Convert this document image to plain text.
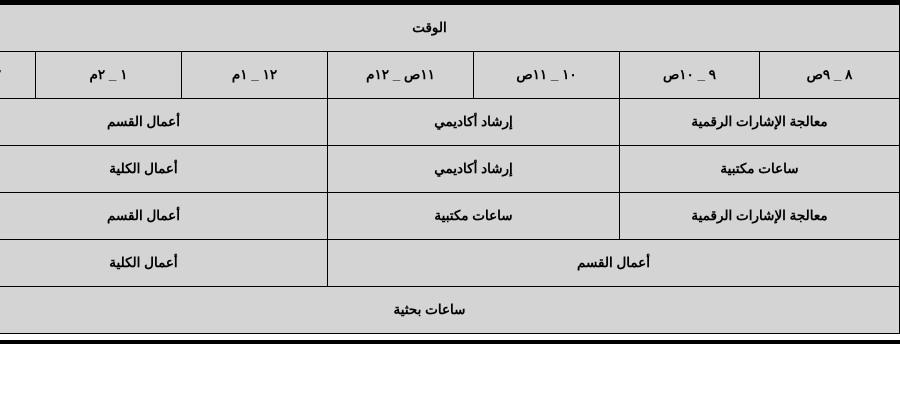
الوقت						
٨ _ ٩ص	٩ _ ١٠ص	١٠ _ ١١ص	١١ص _ ١٢م	١٢ _ ١م	١ _ ٢م	
معالجة الإشارات الرقمية		إرشاد أكاديمي		أعمال القسم		
ساعات مكتبية		إرشاد أكاديمي		أعمال الكلية		
معالجة الإشارات الرقمية		ساعات مكتبية		أعمال القسم		
أعمال القسم				أعمال الكلية		
ساعات بحثية						
